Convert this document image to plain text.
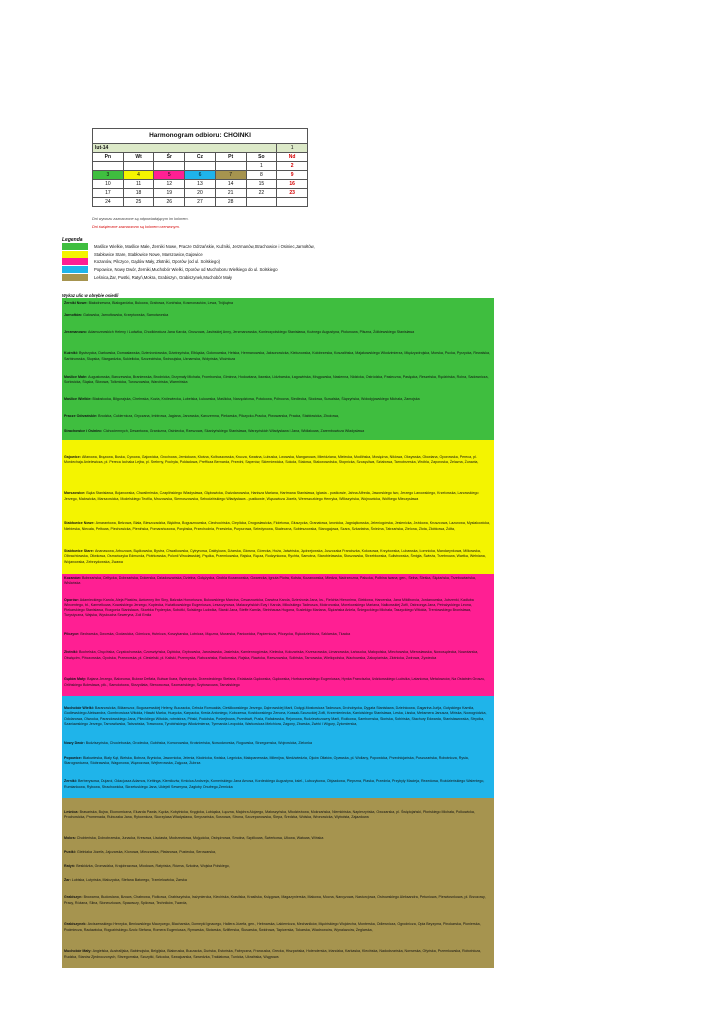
Harmonogram odbioru: CHOINKI						
lut-14						1
Pn	Wt	Śr	Cz	Pt	So	Nd
					1	2
3	4	5	6	7	8	9
10	11	12	13	14	15	16
17	18	19	20	21	22	23
24	25	26	27	28		
Dni wywozu zaznaczone są odpowiadającym im kolorem.
Dni świąteczne zaznaczono są kolorem czerwonym.
Legenda
Maślice Wielkie, Maślice Małe, Żerniki Nowe, Pracze Odrzańskie, Kuźniki, Jerzmanów,Strachowice i Osiniec,Jarnołtów,
Stabłowice Stare, Stabłowice Nowe, Marszowice,Gajowice
Kozanów, Pilczyce, Gądów Mały, Złotniki, Oporów (od ul. Solskiego)
Popowice, Nowy Dwór, Żerniki,Muchobór Wielki, Oporów od Muchoboru Wielkiego do ul. Solskiego
Leśnica,Żar, Pustki, Ratyń,Mokra, Grabiszyn, Grabiszynek,Muchobór Mały
Wykaz ulic w obrębie osiedli
Żerniki Nowe: Białodrzewna, Białogardzka, Bukowa, Grabowa, Konińska, Kosmonautów, Lewa, Trójkątna
Jarnołtów: Gałowska, Jarnołtowska, Krzeptowska, Samotworska
Jerzmanowo: Adamczewskich Heleny i Ludwika, Chodkiewicza Jana Karola, Gruszowa, Jasińskiej Anny, Jerzmanowska, Konieczpolskiego Stanisława, Koźnego Augustyna, Piołunowa, Pliszna, Żółkiewskiego Stanisława
Kuźniki: Bystrzycka, Darłowska, Domasławska, Dzierżoniowska, Dźwirzyńska, Elbląska, Gołonowska, Helska, Hermanowska, Jaksonowicka, Kiełczowska, Kołobrzeska, Koszalińska, Majakowskiego Włodzimierza, Międzyzdrojska, Morska, Pucka, Pyrzycka, Rewalska, Sarbinowska, Słupska, Stargardzka, Sukiełicka, Szczecińska, Świnoujska, Uznamska, Wołyńska, Woźnicza
Maślice Małe: Augustowska, Barczewska, Braniewska, Brodnicka, Drzymały Michała, Fromborska, Giminna, Hodowlana, Iławska, Lidzbarska, Łagowińska, Mrągowska, Nasienna, Nidzicka, Ostródzka, Pasieczna, Pasłęcka, Reszelska, Rędzińska, Rolna, Sadownicza, Sorkwicka, Śląska, Śliwowa, Tolkmicka, Turoszowska, Warcińska, Warmińska
Maślice Wielkie: Białostocka, Biłgorajska, Chełmska, Kozia, Królewiecka, Lubelska, Łukowska, Maślicka, Narzędziowa, Potokowa, Północna, Siedlecka, Słodowa, Suwalska, Śląrzyńska, Wołodyjowskiego Michała, Zamojska
Pracze Odrzańskie: Brodzka, Cukiernicza, Gryczana, Imbirowa, Jagiana, Janowska, Karczemna, Piekarska, Pilczycko-Pracka, Piwowarska, Pracka, Stabłowicka, Zbożowa,
Strachowice i Osiniec: Cichociemnych, Desantowa, Graniczna, Osiniecka, Rzeszowa, Skarżyńskiego Stanisława, Warzyńskich Władysława i Jana, Widłakowa, Zarembowicza Władysława
Gajowice: Afianowa, Brązowa, Buska, Cynowa, Gajowicka, Grochowa, Jemiołowa, Kłośna, Kolbuszowska, Krucza, Kwaśna, Lubuska, Lwowska, Manganowa, Mieńdziana, Mielecka, Modlińska, Mosiężna, Niklowa, Oksywska, Ołowiana, Oporowska, Pereca, pl. Mordechaja Anielewicza, pl. Pereca Icchaka Lejba, pl. Srebrny, Pochyła, Pokładowa, Prefficza Bernarda, Przedni, Saperów, Skierniewicka, Sokola, Stalowa, Stalowowolska, Stopnicka, Szczęsliwa, Sztabowa, Tarnobrzeska, Wróbla, Zaporoska, Żelazna, Żurawia,
Marszowice: Bąka Stanisława, Bojanowska, Chwalimirska, Czaplińskiego Władysława, Głębowicka, Gwizdanowska, Hanisza Mariana, Hartmana Stanisława, Iglasta - pustkowie, Jahna Alfreda, Jaworskiego Iwo, Jerzego Lanowskiego, Krzelowska, Lanowskiego Jerzego, Małowicka, Marszowicka, Modelskiego Teofila, Mrozowska, Siemoszowska, Sebodzińskiego Władysława - pustkowie, Wąsowicza Józefa, Wereszczkiego Henryka, Wilkszyńska, Wojnowicka, Wolfkego Mieczysława
Stabłowice Nowe: Amarantowa, Bełzowa, Biała, Bieszczadzka, Błękitna, Bogusznowska, Ciechocińska, Cieplicka, Drogosławicka, Fioletowa, Głuszycka, Granatowa, Iwonicka, Jagniątkowska, Jeleniogórska, Jesienicka, Jeżdowa, Kruszcowa, Lazurowa, Mysłakowicka, Niebieska, Niecała, Pełtowa, Piechowicka, Pienińska, Pomarańczowa, Porębska, Przechodnia, Przesieka, Purpurowa, Seledynowa, Skałeczna, Sobieszowska, Starogajowa, Szara, Szkarłatna, Śnieżna, Tatrzańska, Zielona, Złota, Żłobkowa, Żółta,
Stabłowice Stare: Ananasowa, Arbuzowa, Bądkowska, Bystra, Chwałkowska, Cytrynowa, Daktylowa, Dżarska, Głowna, Górecka, Hoża, Jatwińska, Jędrzejowska, Juszczaka Franciszka, Kokosowa, Krzyżowska, Lubawska, Łomnicka, Mandarynkowa, Milkowska, Olbrachtowska, Oliwkowa, Osmańczyka Edmunda, Piotrkowska, Polonii Wrocławskiej, Prędka, Przemkowska, Rajska, Rącza, Rodzynkowa, Rychta, Samotna, Starobielawska, Stoszowska, Strzebłowska, Sulistrowska, Śmigła, Świeża, Trzebnowa, Wartka, Wełniana, Wojanowska, Zebrzydowska, Żwawa
Kozanów: Bobrzańska, Celtycka, Dobrzańska, Dokerska, Dziadoszańska, Dzielna, Gołężycka, Grobla Kozanowska, Gwarecka, Ignuta Piotra, Kołsta, Kozanowska, Miedza, Nadrzeczna, Pałucka, Polbina Iwana; gen., Selna, Śleśka, Ślężańska, Trzebowiańska, Wiślańska
Oporów: Adamieckiego Karola, Aleja Plastów, Awicenny Ibn Siny, Balzaka Honoriusza, Bukowskiego Marcina, Cesarzowicka, Darwina Karola, Dzierżonia Jana, ks., Fielchta Hieronima, Giełdowa, Harcerska, Jana Mikilborcia, Jordanowska, Jutrzenki, Kadłuba Wincentego, bł., Karmelkowa, Kowalskiego Jerzego, Kupiecka, Kwiatkowskiego Eugeniusza, Leszczynowa, Malaczyńskich Ewy i Karola, Mikulskiego Tadeusza, Mokronoska, Morelowskiego Mariana, Nałkowskiej Zofii, Ostrzonga Jana, Petrażyckiego Leona, Piekarskiego Stanisława, Rozgonia Stanisława, Skarbka Fryderyka, Sobótki, Solskiego Ludwika, Stanki Jana, Steffe Kamila, Steinhausa Hugona, Susiekigo Mariana, Ślężańska Aniela, Śniegockiego Michała, Taszyckiego Witolda, Trentowskiego Bronisława, Turystyczna, Wajska, Wysłoucha Seweryna, Zoli Emila
Pilczyce: Bednarska, Dworska, Godawicka, Górnicza, Hutnicza, Koszykarska, Lotnicza, Mączna, Murarska, Paniowicka, Papiernicza, Pilczycka, Rękodzielnicza, Szklarska, Tkacka
Złotniki: Bochelska, Chęcińska, Częstochowska, Czorsztyńska, Dębicka, Grybowska, Jarosławska, Jasielska, Kamiennogórska, Kielecka, Kolczańska, Krzeszowska, Limanowska, Łańcucka, Małopolska, Miechowska, Mierosławska, Nowosądecka, Nowotarska, Oświęcim, Pińczowska, Opolska, Przeworska, pl. Ciesielski, pl. Kaliski, Przemyska, Rabczańska, Radomska, Rajska, Rawicka, Rzeszowska, Solińska, Tarnowska, Wieliopolska, Wachowska, Zakopiańska, Złotnicka, Żwirowa, Żywiecka
Gądów Mały: Bajana Jerzego, Balonowa, Bulwar Deflata, Bulwar Ikara, Bystrzycka, Drzewieckiego Stefana, Estakada Gądowska, Gądowska, Horbaczewskiego Eugeniusza, Hynka Franciszka, Iżdzkowskiego Ludwika, Lataniowa, Metalowców, Na Ostatnim Groszu, Orlińskiego Bolesława, plk., Samolotowa, Skrzydlata, Sterowcowa, Szomańskiego, Szybowcowa, Tarnalskiego
Muchobór Wielki: Baranowicka, Bilżanszcz, Boguszewskiej Heleny, Buczacka, Cebula Romualda, Cieślikowskiego Jerzego, Dąbrowskiej Marii, Dołęgi-Mostowicza Tadeusza, Drohobycka, Dygata Stanisława, Dzielnicowa, Gagarina Jurija, Gutyckiego Kamila, Godlewskiego Aleksandra, Gombrowicza Witolda, Hławki Marka, Huzycka, Karpacka, Kreda Antoniego, Kobczewa, Kostdowskiego Zenona, Kossak-Szczuckiej Zofii, Krzemieniecka, Kaniciskiego Stanisława, Leska, Lisska, Meksmera Janusza, Mińska, Nowogródzka, Odolanowa, Olwocka, Parandowskiego Jana, Pilecldiego Witolda, rotmistrza, Piński, Podolska, Pośrejbowa, Przedświt, Pusla, Rafałowska, Rejonowa, Rudziewiczowny Marii, Rożkowa, Sambornska, Słońska, Sobińska, Stachury Edwarda, Stanisławowska, Strycika, Szaniawskiego Jerzego, Tarnowiiwska, Tatrzańska, Trawnowa, Tyrobińskiego Włodzimierza, Tyrmanda Leopolda, Warkowicza Melchiora, Zagony, Zbarska, Żwirki i Wigury, Żytomierska,
Nowy Dwór: Budziszyńska, Chociebuska, Grodecka, Gubińska, Komorowska, Krośnieńska, Nowodworska, Rogowska, Strzegomska, Wojrowicka, Zielonka
Popowice: Białowieska, Biały Kąt, Bielska, Bobrza, Brynicka, Jawornicka, Jelenia, Kłodnicka, Kwiska, Legnicka, Małopanewska, Milenijna, Niedźwiedzia, Ojców Ołłatów, Opawska, pl. Wollany, Popowicka, Przednicjańska, Puszczańska, Robotnicza, Rysia, Starograniczna, Stobrawska, Wagonowa, Wąwozowa, Wejherowska, Zajęcza, Żubrza
Żerniki: Berberysowa, Dujaroi, Odacjusza Adamos, Kettinga, Kiemlicziw, Kmicica Andrzeja, Komeńskiego Jana Amosa, Kordeckiego Augustyna, ksiel., Lubczykowa, Objazdowa, Pieprzna, Plaska, Przednia, Przybyły Macieja, Rezedowa, Roździeńskiego Walentego, Rumiankowa, Rybowa, Strachowicka, Skrzetuskiego Jana, Uklejeli Seweryna, Zagłoby Onufrego,Żernicka
Leśnica: Brasańska, Bujna, Ekonomiczna, Eluarda Pawła, Kącka, Kobylnicka, Kręgicka, Lubiąska, Łączna, Majchra Alojzego, Małoszyńska, Młodzieżowa, Mokrzańska, Niemkińska, Napierzyńska, Owczarska, pl. Świętojański, Płońskiego Michała, Polkowicka, Prochowicka, Promenada, Rubczaka Jana, Rytownicza, Skorzylasa Władysława, Smyrzańska, Sosnowa, Strona, Szczepanowska, Ślepa, Średzka, Wolska, Wronowicka, Wyboista, Zajazdowa
Mokra: Chobieńska, Dolnobrzeska, Junacka, Kresowa, Lisciasta, Modrzewiowa, Mojęcicka, Ostrężnowa, Smolna, Szpilkowa, Świerkowa, Uliowa, Watowa, Wińska
Pustki: Gielniaka Józefa, Jajczarska, Klonowa, Mleczarska, Płatanowa, Pustecka, Serowarska,
Ratyń: Beskidzka, Gromadzka, Krajobrazowa, Miodowa, Ratyńska, Równa, Szkolna, Wojska Polskiego,
Żar: Lubiska, Lutyńska, Malczycka, Stefana Batorego, Trzmielowicka, Żarska
Grabiszyn: Browarna, Budowlana, Bzowa, Chabrowa, Fiołkowa, Grabiszyńska, Irażyniercka, Klecińska, Krasilska, Krasilska, Księgowa, Magazynierska, Makowa, Mocna, Narcyzowa, Nasturcjowa, Ostrowskiego Aleksandra, Petuniowa, Pierwiosnkowa, pl. Brzozowy, Pracy, Różana, Silna, Słoneczkowa, Spawaczy, Spiżowa, Techników, Twarda,
Grabiszynek: Arciszewskiego Henryka, Beniowskiego Maurycego, Blacharska, Domeyki Ignacego, Hallera Józefa, gen., Hebnarska, Lakiernicza, Mechaników, Męcińskiego Wojciecha, Monterska, Odlewnicza, Ogrodnicza, Opia Beyzyma, Pinokarska, Pionierska, Podmiecza, Racławicka, Rogozińskiego-Szolc Stefana, Romera Eugeniusza, Rymarska, Słotarska, Szlifierska, Ślusarska, Świdrowa, Tapicerska, Tokarska, Wiadrowców, Wynalazców, Żeglarska,
Muchobór Mały: Angielska, Australijska, Babimojska, Belgijska, Białoruska, Buczacka, Duńska, Estońska, Fabryczna, Francuska, Grecka, Hiszpańska, Holenderska, Irlandzka, Karkaska, Klecińska, Nadodrzańska, Norweska, Ofyńska, Przemkowska, Robotnicza, Rudzka, Stanów Zjednoczonych, Strzegomska, Szczytki, Szkocka, Szwajcarska, Szwedzka, Trakłatowa, Tunicka, Ukraińska, Wągrowa
